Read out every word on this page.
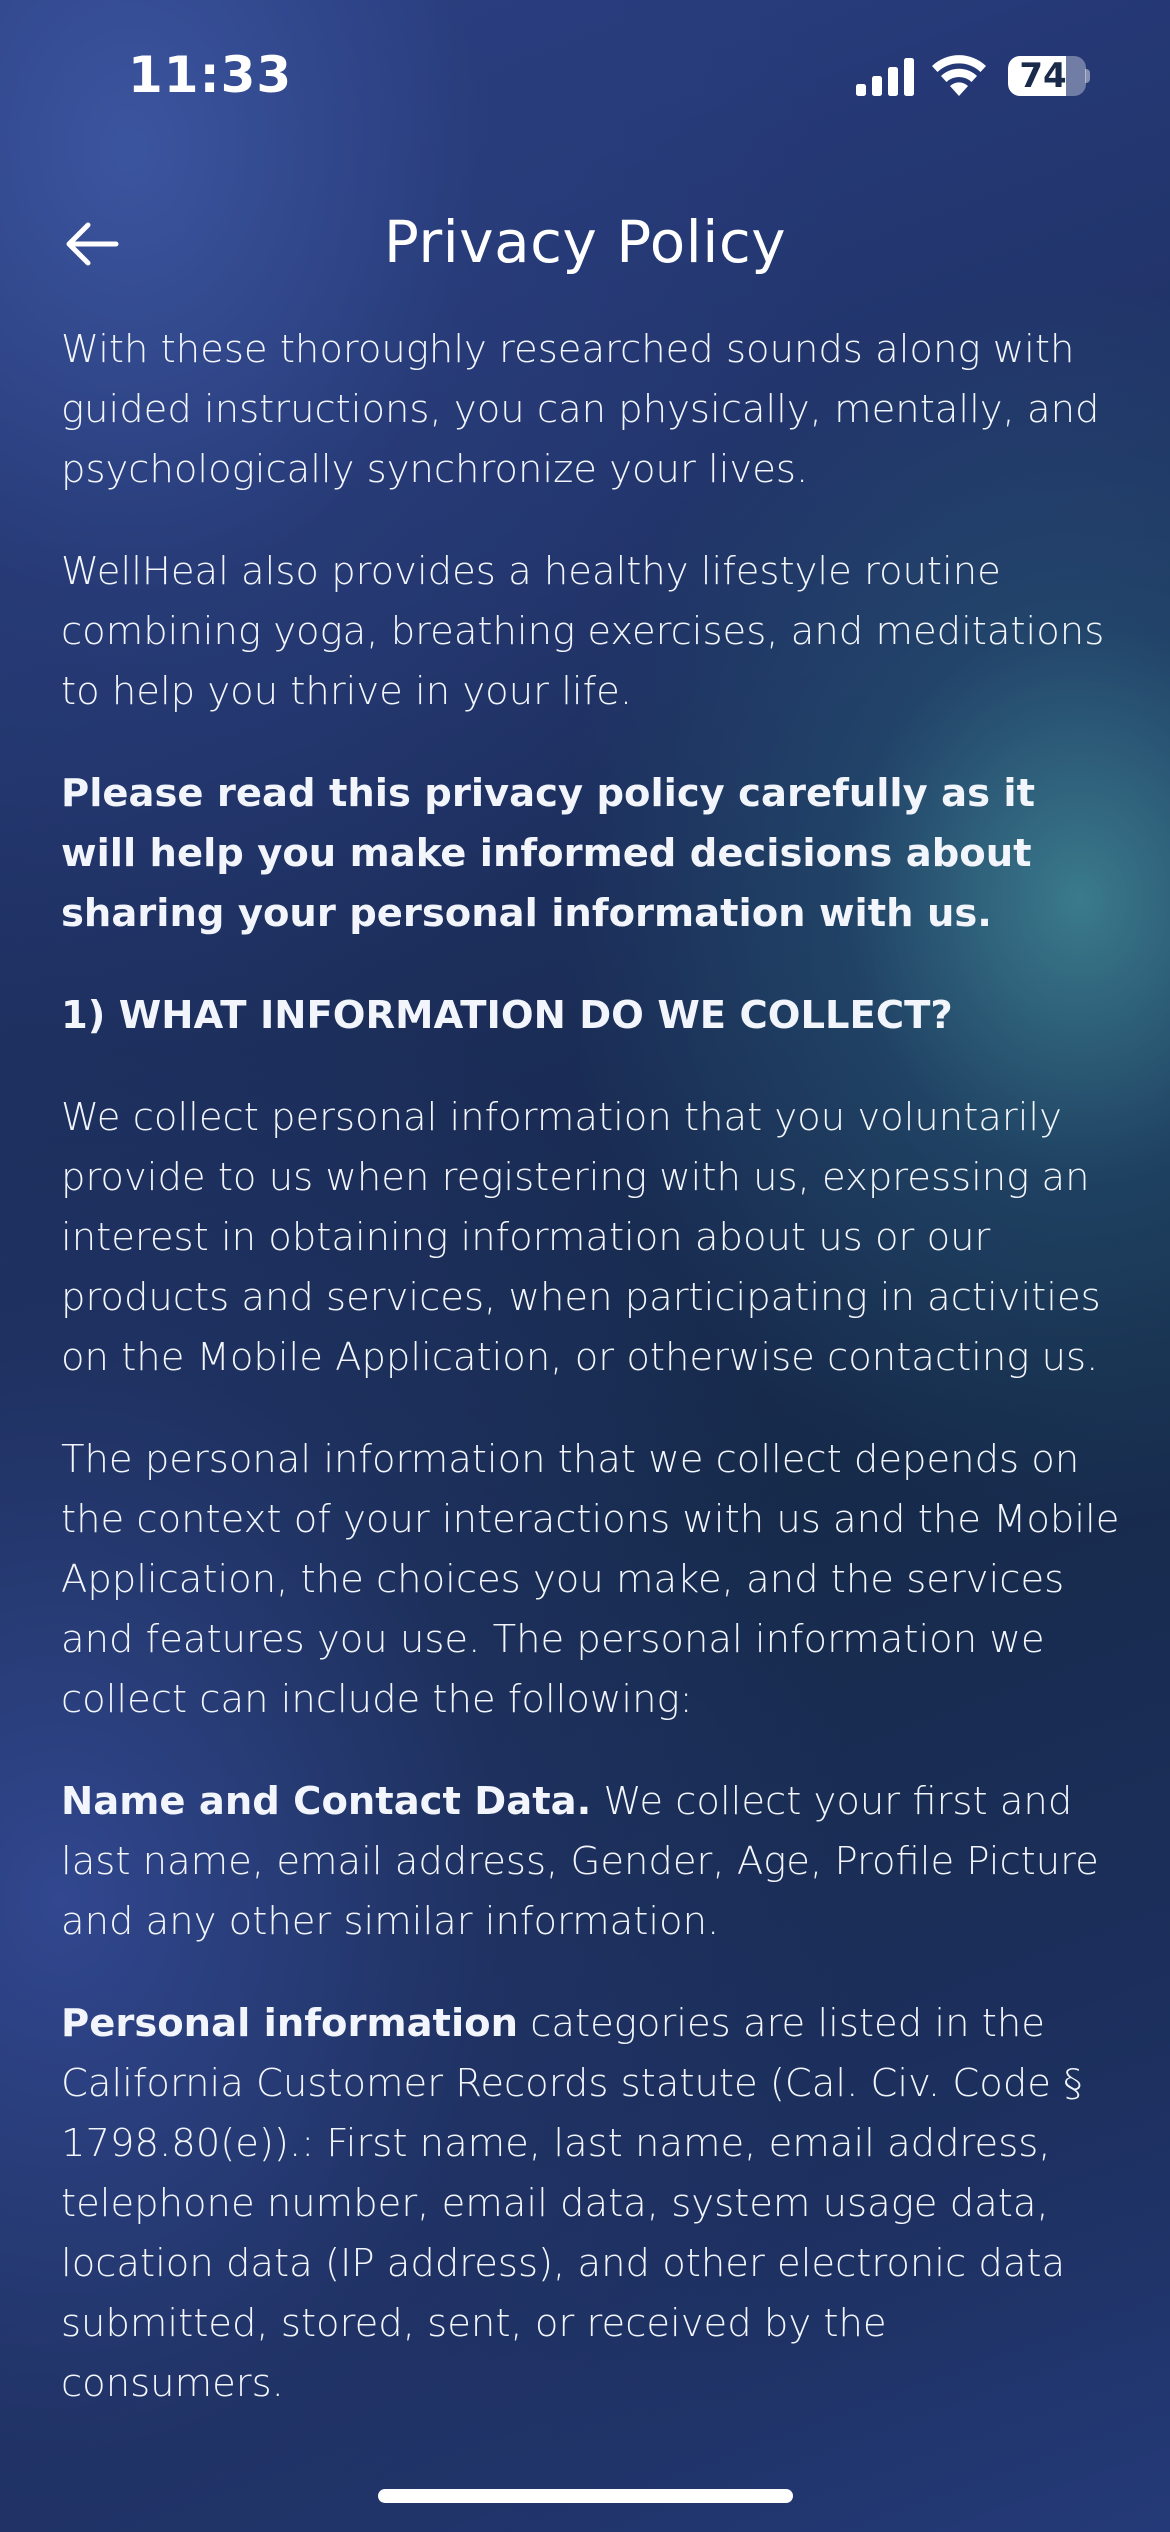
11:33	74
Privacy Policy

With these thoroughly researched sounds along with guided instructions, you can physically, mentally, and psychologically synchronize your lives.

WellHeal also provides a healthy lifestyle routine combining yoga, breathing exercises, and meditations to help you thrive in your life.

Please read this privacy policy carefully as it will help you make informed decisions about sharing your personal information with us.

1) WHAT INFORMATION DO WE COLLECT?

We collect personal information that you voluntarily provide to us when registering with us, expressing an interest in obtaining information about us or our products and services, when participating in activities on the Mobile Application, or otherwise contacting us.

The personal information that we collect depends on the context of your interactions with us and the Mobile Application, the choices you make, and the services and features you use. The personal information we collect can include the following:

Name and Contact Data. We collect your first and last name, email address, Gender, Age, Profile Picture and any other similar information.

Personal information categories are listed in the California Customer Records statute (Cal. Civ. Code § 1798.80(e)).: First name, last name, email address, telephone number, email data, system usage data, location data (IP address), and other electronic data submitted, stored, sent, or received by the consumers.
